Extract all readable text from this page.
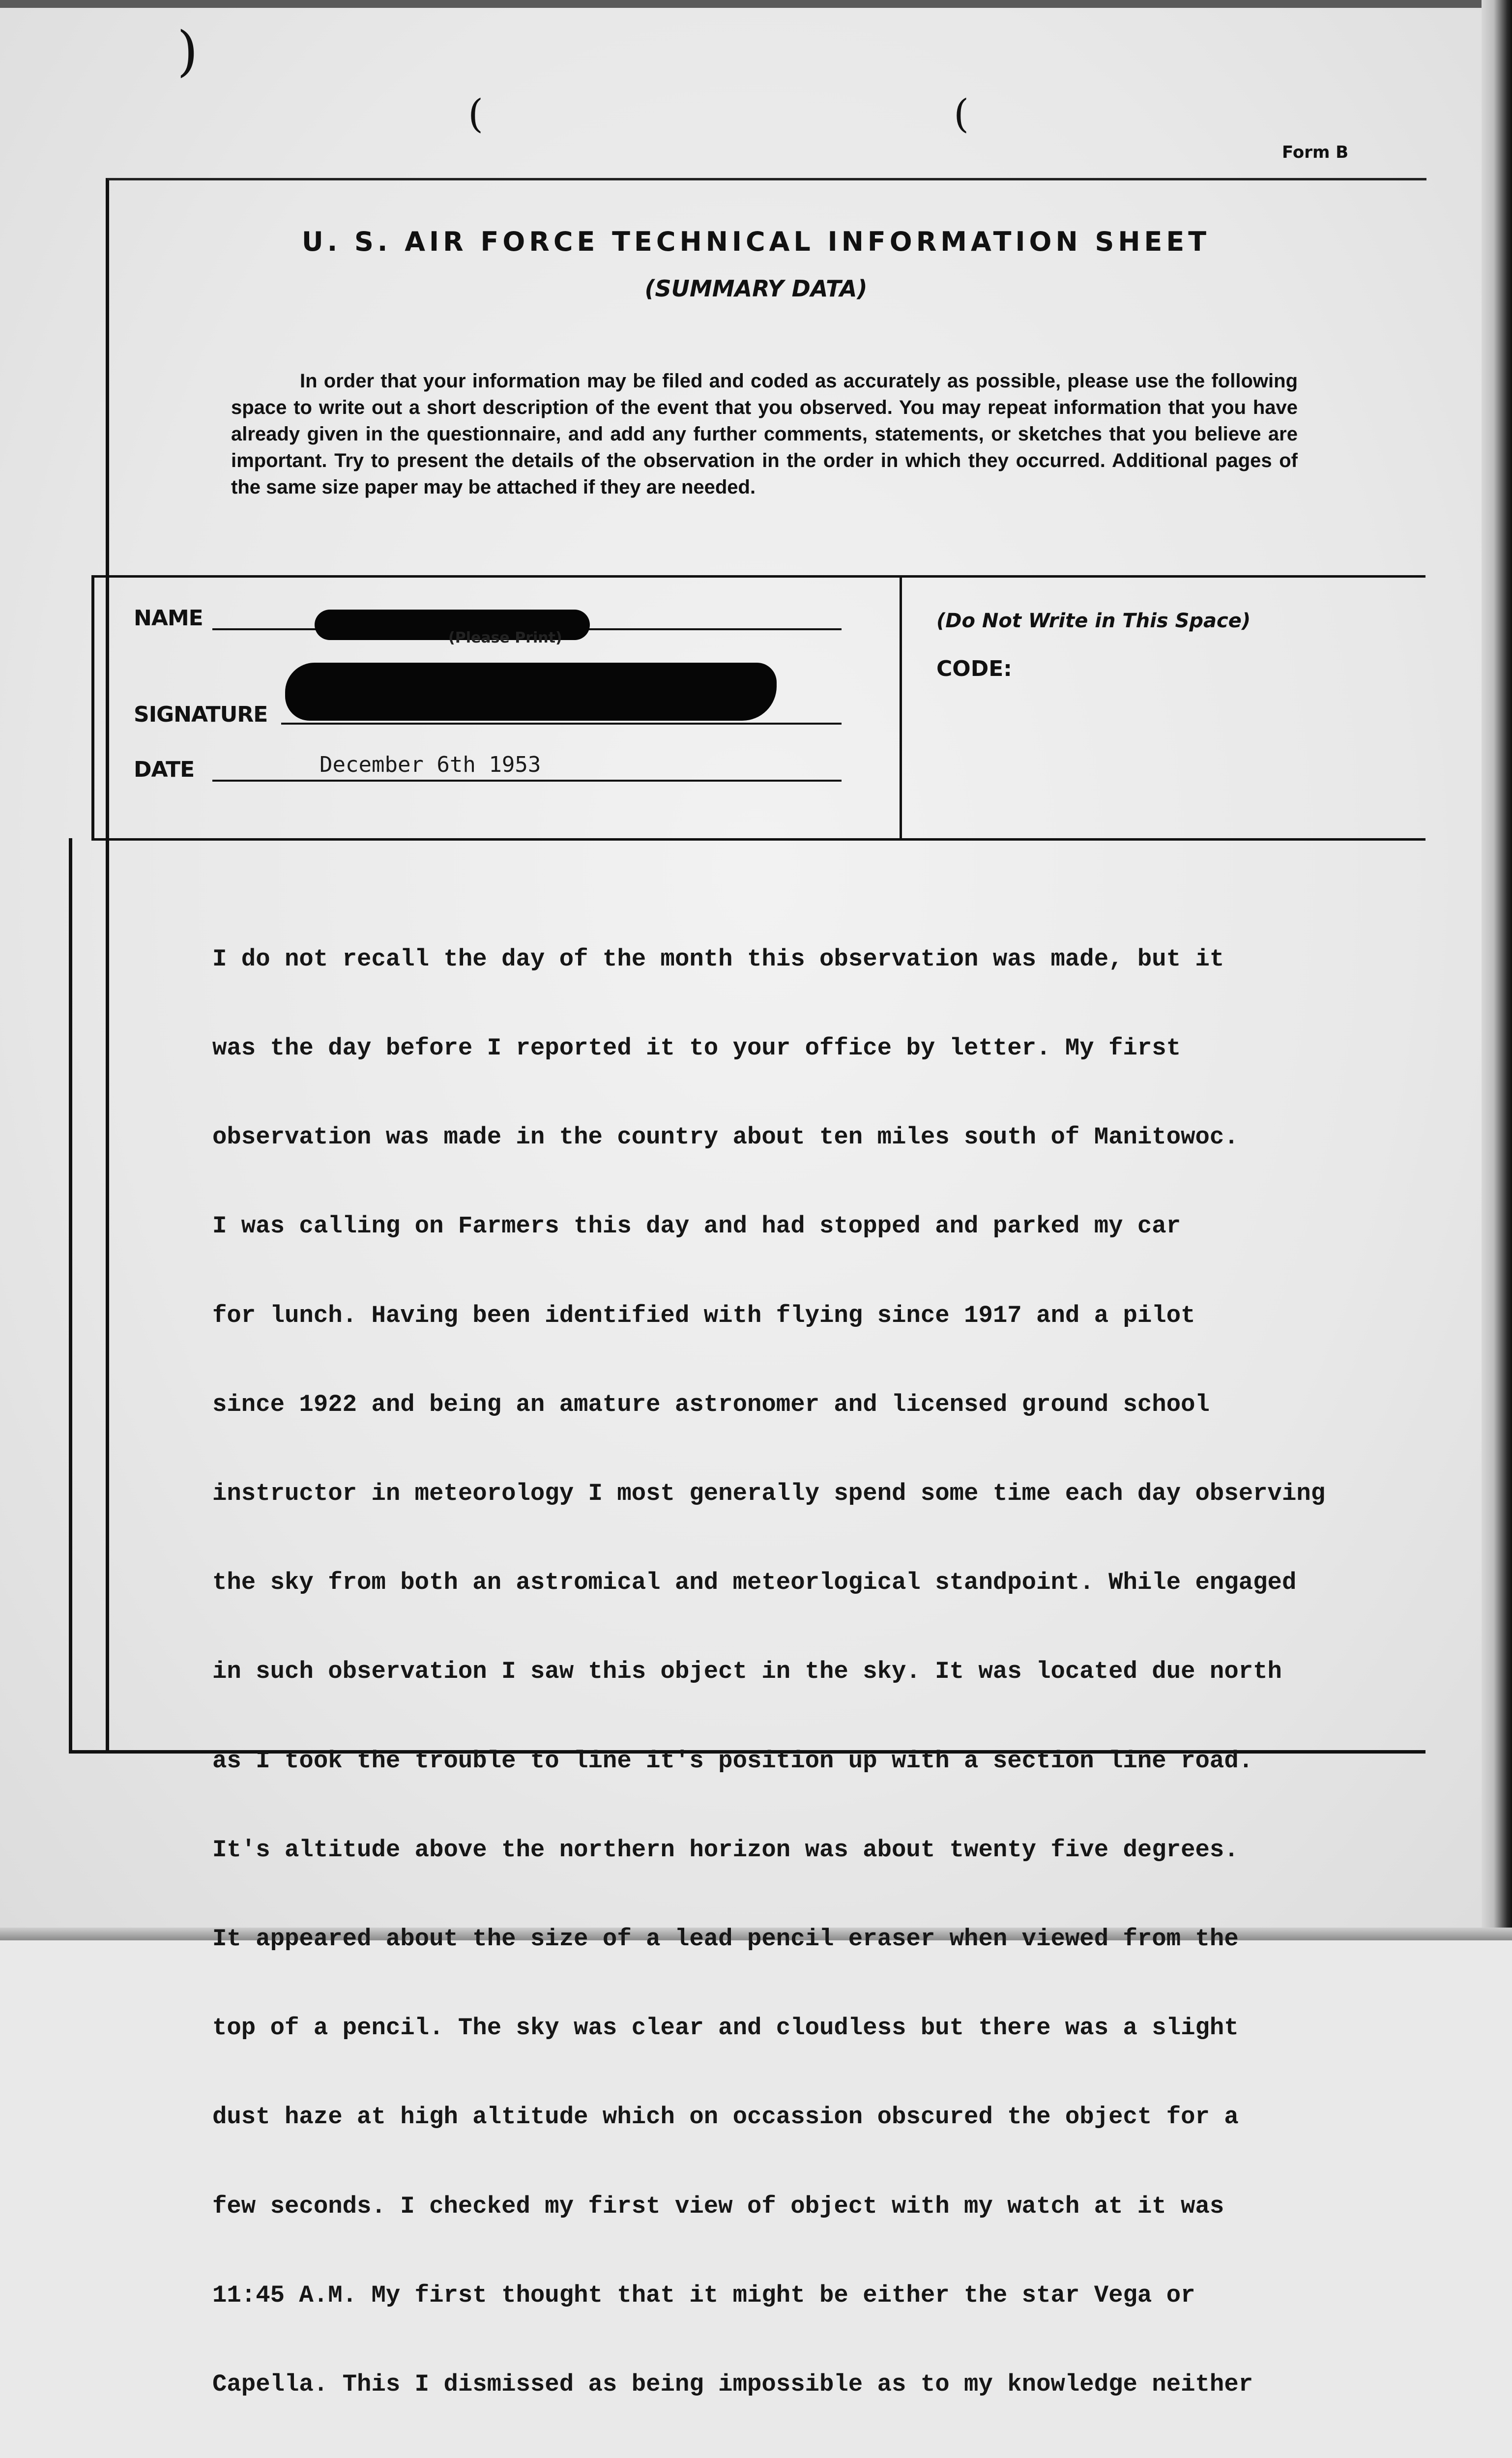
)
(	(
Form B
U. S. AIR FORCE TECHNICAL INFORMATION SHEET
(SUMMARY DATA)
In order that your information may be filed and coded as accurately as possible, please use the following space to write out a short description of the event that you observed. You may repeat information that you have already given in the questionnaire, and add any further comments, statements, or sketches that you believe are important. Try to present the details of the observation in the order in which they occurred. Additional pages of the same size paper may be attached if they are needed.
NAME
(Please Print)
SIGNATURE
DATE	December 6th 1953
(Do Not Write in This Space)
CODE:

I do not recall the day of the month this observation was made, but it

was the day before I reported it to your office by letter. My first

observation was made in the country about ten miles south of Manitowoc.

I was calling on Farmers this day and had stopped and parked my car

for lunch. Having been identified with flying since 1917 and a pilot

since 1922 and being an amature astronomer and licensed ground school

instructor in meteorology I most generally spend some time each day observing

the sky from both an astromical and meteorlogical standpoint. While engaged

in such observation I saw this object in the sky. It was located due north

as I took the trouble to line it's position up with a section line road.

It's altitude above the northern horizon was about twenty five degrees.

It appeared about the size of a lead pencil eraser when viewed from the

top of a pencil. The sky was clear and cloudless but there was a slight

dust haze at high altitude which on occassion obscured the object for a

few seconds. I checked my first view of object with my watch at it was

11:45 A.M. My first thought that it might be either the star Vega or

Capella. This I dismissed as being impossible as to my knowledge neither
